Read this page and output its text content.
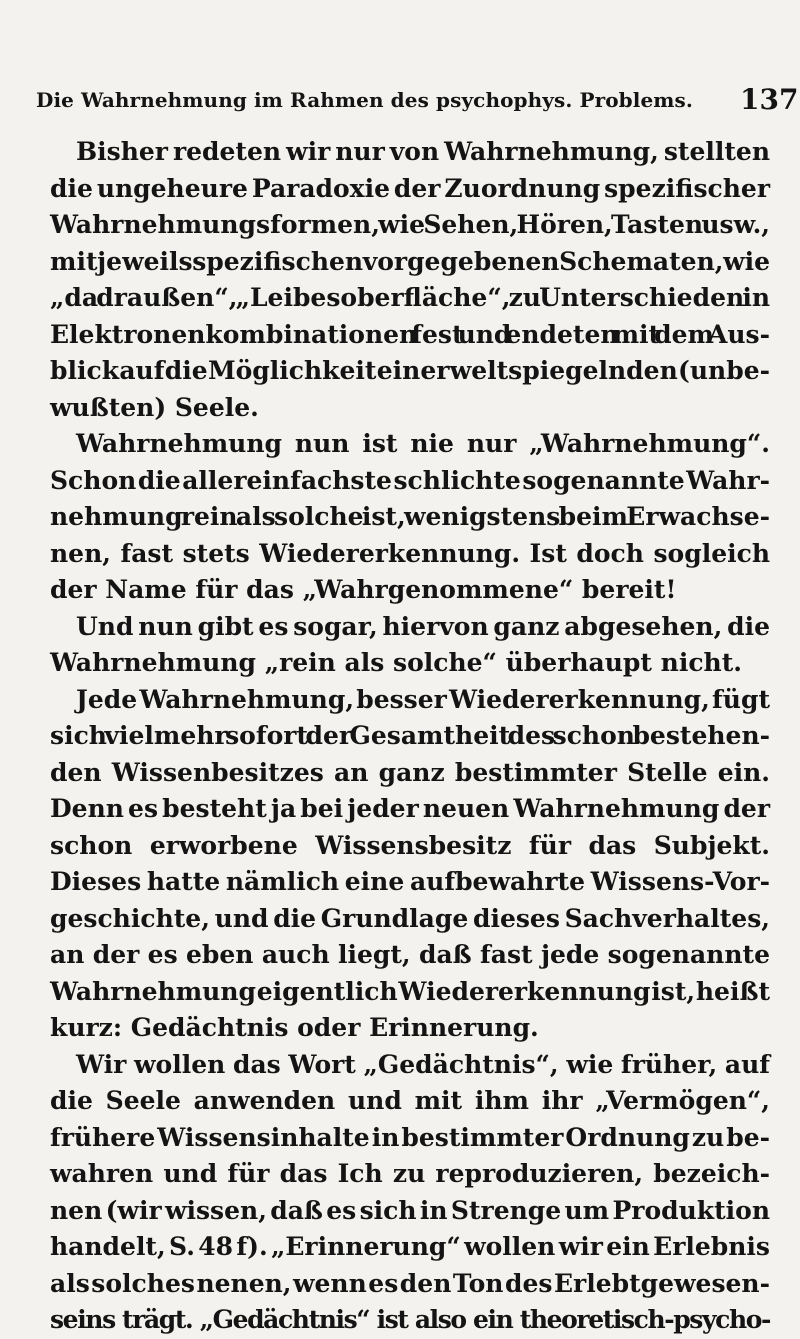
Die Wahrnehmung im Rahmen des psychophys. Problems. 137
Bisher redeten wir nur von Wahrnehmung, stellten
die ungeheure Paradoxie der Zuordnung spezifischer
Wahrnehmungsformen, wie Sehen, Hören, Tasten usw.,
mit jeweils spezifischen vorgegebenen Schematen, wie
„da draußen“, „Leibesoberfläche“, zu Unterschieden in
Elektronenkombinationen fest und endeten mit dem Aus-
blick auf die Möglichkeit einer weltspiegelnden (unbe-
wußten) Seele.
Wahrnehmung nun ist nie nur „Wahrnehmung“.
Schon die allereinfachste schlichte sogenannte Wahr-
nehmung rein als solche ist, wenigstens beim Erwachse-
nen, fast stets Wiedererkennung. Ist doch sogleich
der Name für das „Wahrgenommene“ bereit!
Und nun gibt es sogar, hiervon ganz abgesehen, die
Wahrnehmung „rein als solche“ überhaupt nicht.
Jede Wahrnehmung, besser Wiedererkennung, fügt
sich vielmehr sofort der Gesamtheit des schon bestehen-
den Wissenbesitzes an ganz bestimmter Stelle ein.
Denn es besteht ja bei jeder neuen Wahrnehmung der
schon erworbene Wissensbesitz für das Subjekt.
Dieses hatte nämlich eine aufbewahrte Wissens-Vor-
geschichte, und die Grundlage dieses Sachverhaltes,
an der es eben auch liegt, daß fast jede sogenannte
Wahrnehmung eigentlich Wiedererkennung ist, heißt
kurz: Gedächtnis oder Erinnerung.
Wir wollen das Wort „Gedächtnis“, wie früher, auf
die Seele anwenden und mit ihm ihr „Vermögen“,
frühere Wissensinhalte in bestimmter Ordnung zu be-
wahren und für das Ich zu reproduzieren, bezeich-
nen (wir wissen, daß es sich in Strenge um Produktion
handelt, S. 48 f). „Erinnerung“ wollen wir ein Erlebnis
als solches nenen, wenn es den Ton des Erlebtgewesen-
seins trägt. „Gedächtnis“ ist also ein theoretisch-psycho-
